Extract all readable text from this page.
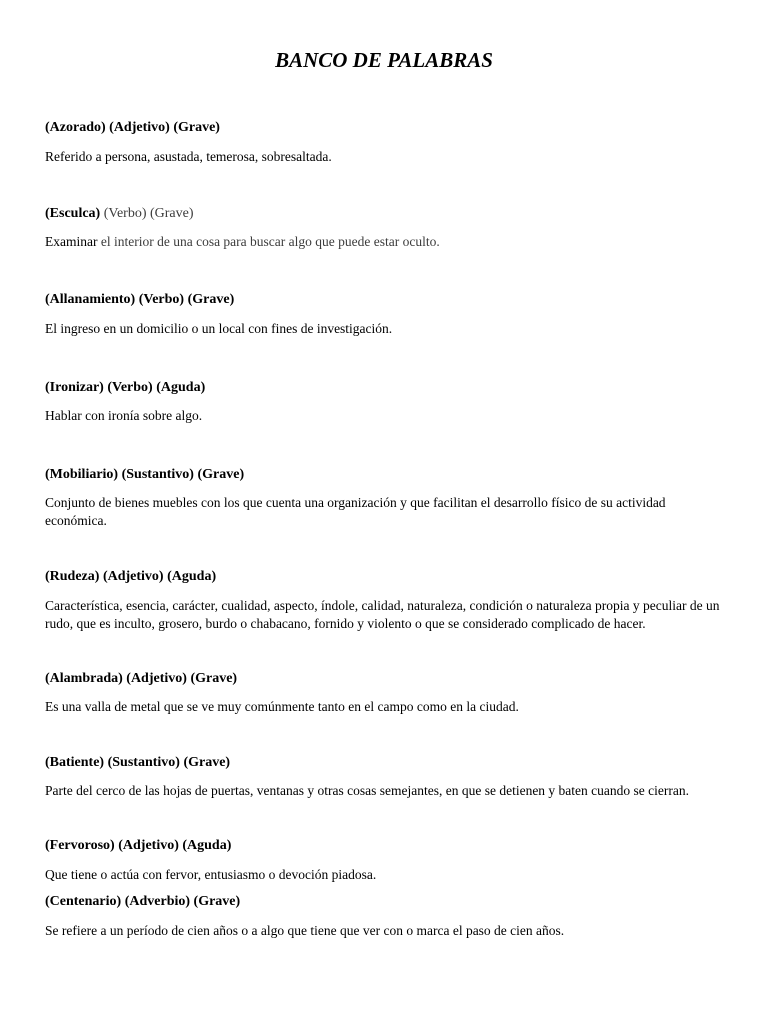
BANCO DE PALABRAS

(Azorado) (Adjetivo) (Grave)

Referido a persona, asustada, temerosa, sobresaltada.

(Esculca) (Verbo) (Grave)

Examinar el interior de una cosa para buscar algo que puede estar oculto.

(Allanamiento) (Verbo) (Grave)

El ingreso en un domicilio o un local con fines de investigación.

(Ironizar) (Verbo) (Aguda)

Hablar con ironía sobre algo.

(Mobiliario) (Sustantivo) (Grave)

Conjunto de bienes muebles con los que cuenta una organización y que facilitan el desarrollo físico de su actividad económica.

(Rudeza) (Adjetivo) (Aguda)

Característica, esencia, carácter, cualidad, aspecto, índole, calidad, naturaleza, condición o naturaleza propia y peculiar de un rudo, que es inculto, grosero, burdo o chabacano, fornido y violento o que se considerado complicado de hacer.

(Alambrada) (Adjetivo) (Grave)

Es una valla de metal que se ve muy comúnmente tanto en el campo como en la ciudad.

(Batiente) (Sustantivo) (Grave)

Parte del cerco de las hojas de puertas, ventanas y otras cosas semejantes, en que se detienen y baten cuando se cierran.

(Fervoroso) (Adjetivo) (Aguda)

Que tiene o actúa con fervor, entusiasmo o devoción piadosa.

(Centenario) (Adverbio) (Grave)

Se refiere a un período de cien años o a algo que tiene que ver con o marca el paso de cien años.
